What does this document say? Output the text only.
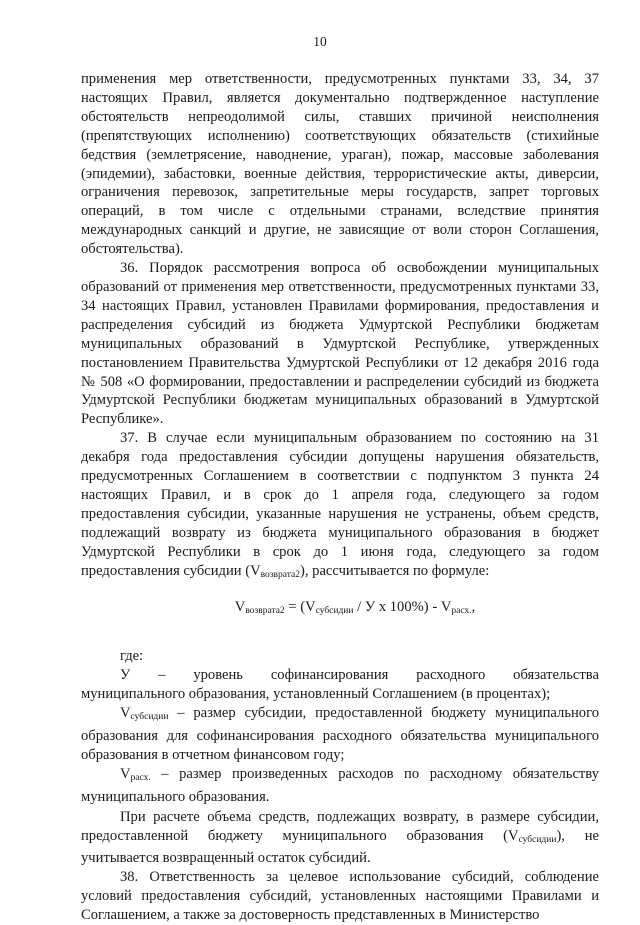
10

применения мер ответственности, предусмотренных пунктами 33, 34, 37 настоящих Правил, является документально подтвержденное наступление обстоятельств непреодолимой силы, ставших причиной неисполнения (препятствующих исполнению) соответствующих обязательств (стихийные бедствия (землетрясение, наводнение, ураган), пожар, массовые заболевания (эпидемии), забастовки, военные действия, террористические акты, диверсии, ограничения перевозок, запретительные меры государств, запрет торговых операций, в том числе с отдельными странами, вследствие принятия международных санкций и другие, не зависящие от воли сторон Соглашения, обстоятельства).

36. Порядок рассмотрения вопроса об освобождении муниципальных образований от применения мер ответственности, предусмотренных пунктами 33, 34 настоящих Правил, установлен Правилами формирования, предоставления и распределения субсидий из бюджета Удмуртской Республики бюджетам муниципальных образований в Удмуртской Республике, утвержденных постановлением Правительства Удмуртской Республики от 12 декабря 2016 года № 508 «О формировании, предоставлении и распределении субсидий из бюджета Удмуртской Республики бюджетам муниципальных образований в Удмуртской Республике».

37. В случае если муниципальным образованием по состоянию на 31 декабря года предоставления субсидии допущены нарушения обязательств, предусмотренных Соглашением в соответствии с подпунктом 3 пункта 24 настоящих Правил, и в срок до 1 апреля года, следующего за годом предоставления субсидии, указанные нарушения не устранены, объем средств, подлежащий возврату из бюджета муниципального образования в бюджет Удмуртской Республики в срок до 1 июня года, следующего за годом предоставления субсидии $(V_{возврата2})$, рассчитывается по формуле:

Vвозврата2 = (Vсубсидии / У x 100%) - Vрасх.,

где:

У – уровень софинансирования расходного обязательства

муниципального образования, установленный Соглашением (в процентах);

$V_{субсидии}$ – размер субсидии, предоставленной бюджету муниципального образования для софинансирования расходного обязательства муниципального образования в отчетном финансовом году;

$V_{расх.}$ – размер произведенных расходов по расходному обязательству муниципального образования.

При расчете объема средств, подлежащих возврату, в размере субсидии, предоставленной бюджету муниципального образования $(V_{субсидии})$, не учитывается возвращенный остаток субсидий.

38. Ответственность за целевое использование субсидий, соблюдение условий предоставления субсидий, установленных настоящими Правилами и Соглашением, а также за достоверность представленных в Министерство
